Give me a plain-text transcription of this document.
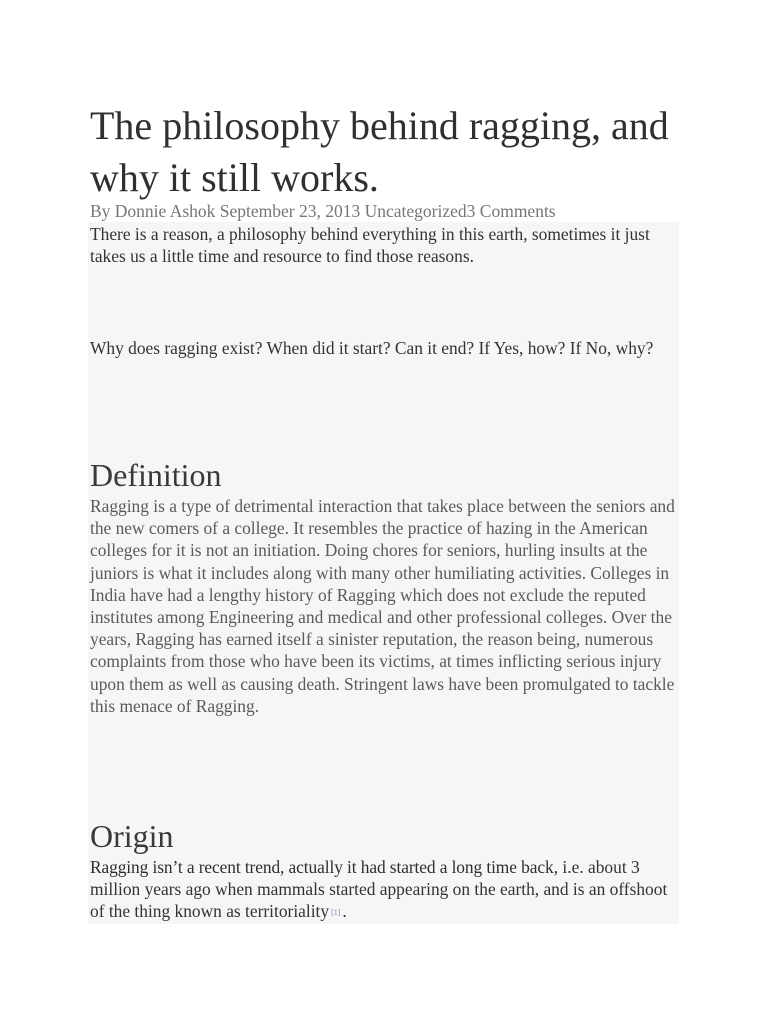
The philosophy behind ragging, and why it still works.

By Donnie Ashok September 23, 2013 Uncategorized3 Comments

There is a reason, a philosophy behind everything in this earth, sometimes it just takes us a little time and resource to find those reasons.

Why does ragging exist? When did it start? Can it end? If Yes, how? If No, why?

Definition

Ragging is a type of detrimental interaction that takes place between the seniors and the new comers of a college. It resembles the practice of hazing in the American colleges for it is not an initiation. Doing chores for seniors, hurling insults at the juniors is what it includes along with many other humiliating activities. Colleges in India have had a lengthy history of Ragging which does not exclude the reputed institutes among Engineering and medical and other professional colleges. Over the years, Ragging has earned itself a sinister reputation, the reason being, numerous complaints from those who have been its victims, at times inflicting serious injury upon them as well as causing death. Stringent laws have been promulgated to tackle this menace of Ragging.

Origin

Ragging isn’t a recent trend, actually it had started a long time back, i.e. about 3 million years ago when mammals started appearing on the earth, and is an offshoot of the thing known as territoriality [1] .
